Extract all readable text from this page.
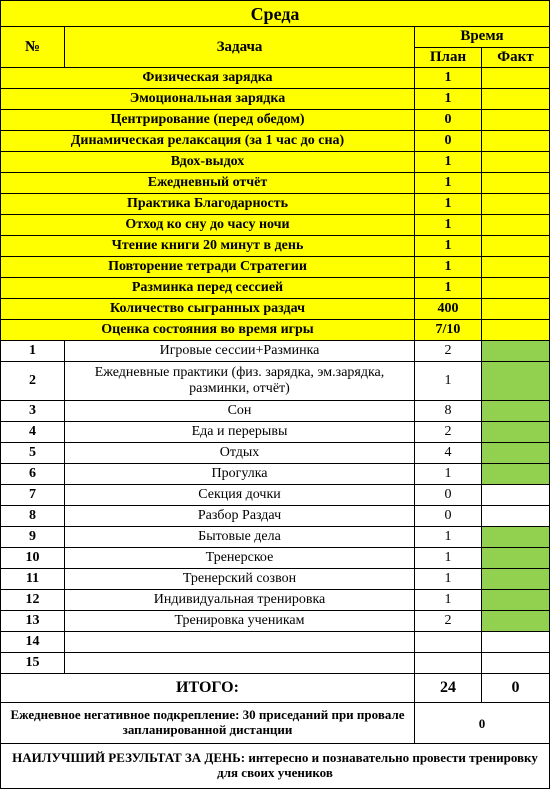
Среда			
№	Задача	Время	
		План	Факт
Физическая зарядка		1	
Эмоциональная зарядка		1	
Центрирование (перед обедом)		0	
Динамическая релаксация (за 1 час до сна)		0	
Вдох-выдох		1	
Ежедневный отчёт		1	
Практика Благодарность		1	
Отход ко сну до часу ночи		1	
Чтение книги 20 минут в день		1	
Повторение тетради Стратегии		1	
Разминка перед сессией		1	
Количество сыгранных раздач		400	
Оценка состояния во время игры		7/10	
1	Игровые сессии+Разминка	2	
2	Ежедневные практики (физ. зарядка, эм.зарядка, разминки, отчёт)	1	
3	Сон	8	
4	Еда и перерывы	2	
5	Отдых	4	
6	Прогулка	1	
7	Секция дочки	0	
8	Разбор Раздач	0	
9	Бытовые дела	1	
10	Тренерское	1	
11	Тренерский созвон	1	
12	Индивидуальная тренировка	1	
13	Тренировка ученикам	2	
14			
15			
ИТОГО:		24	0
Ежедневное негативное подкрепление: 30 приседаний при провале запланированной дистанции		0	
НАИЛУЧШИЙ РЕЗУЛЬТАТ ЗА ДЕНЬ: интересно и познавательно провести тренировку для своих учеников			
